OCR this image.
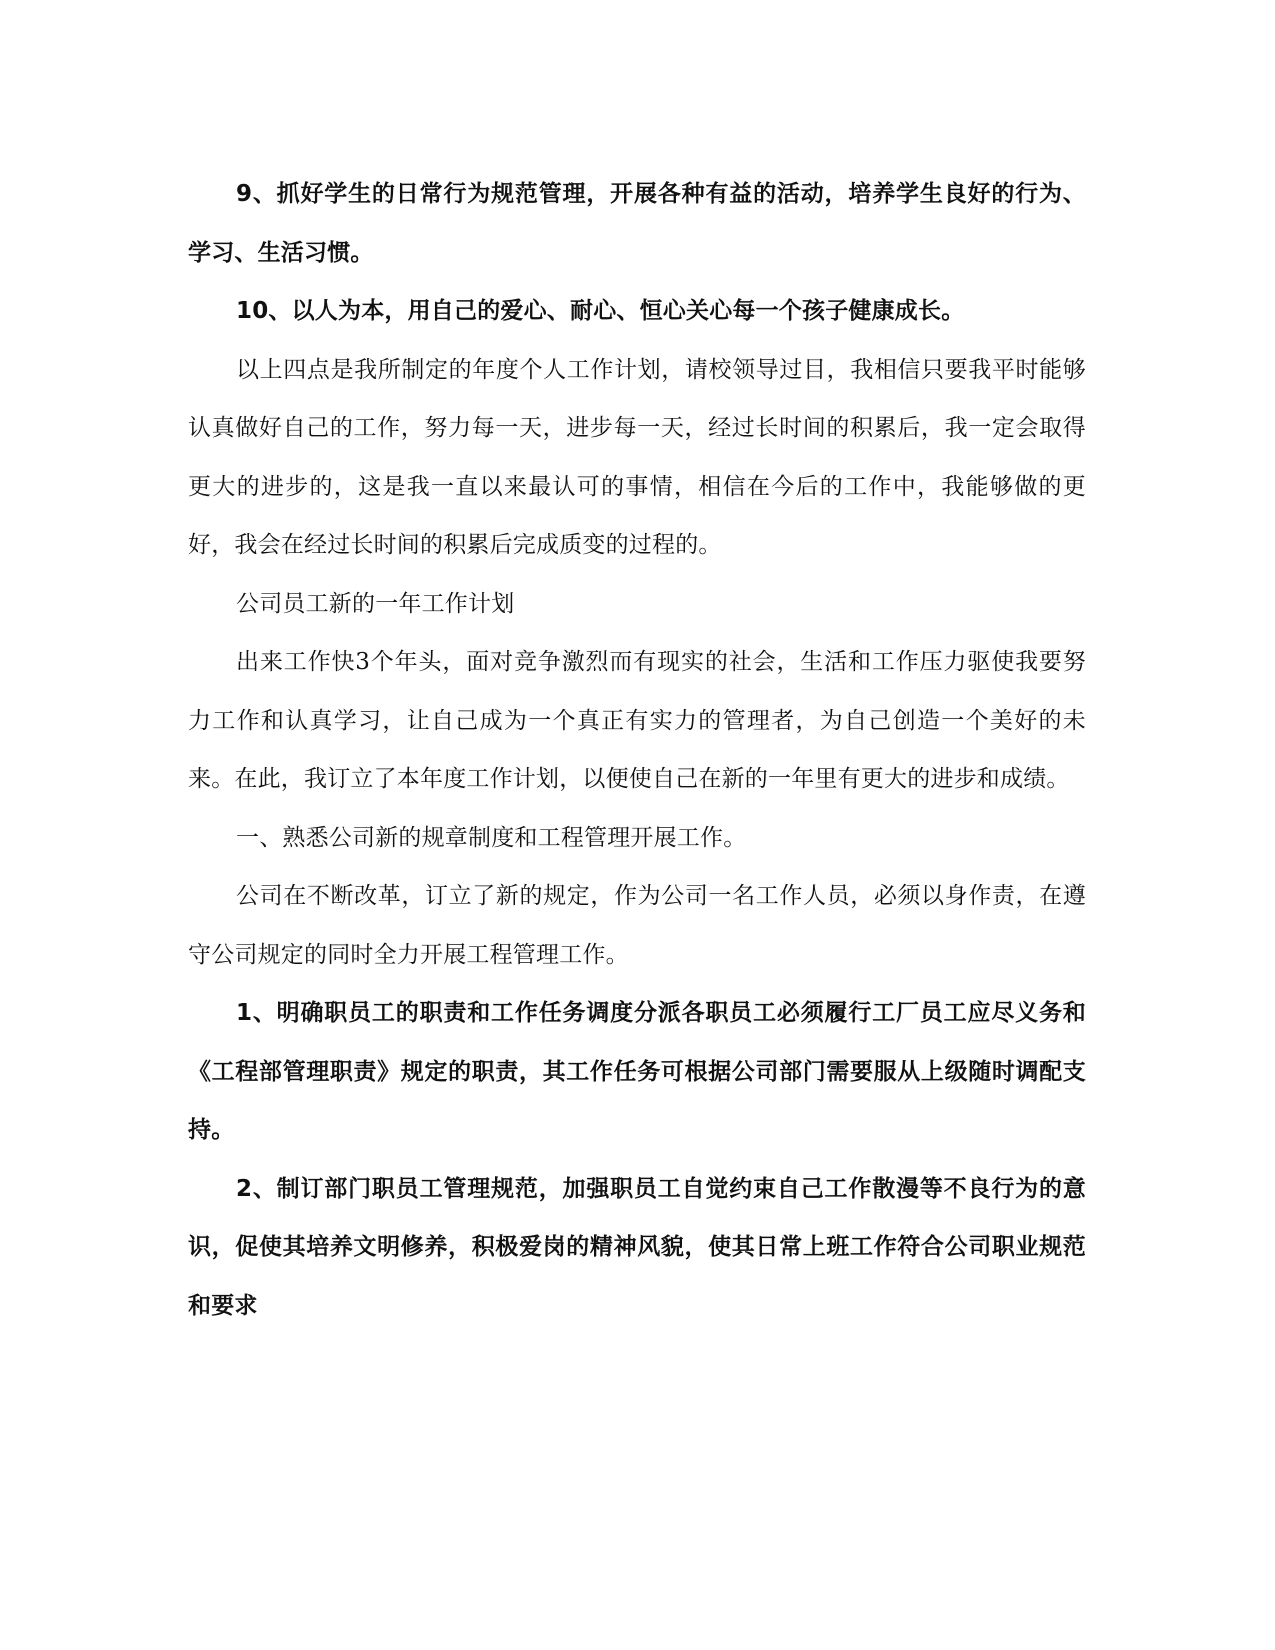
9、抓好学生的日常行为规范管理，开展各种有益的活动，培养学生良好的行为、学习、生活习惯。

10、以人为本，用自己的爱心、耐心、恒心关心每一个孩子健康成长。

以上四点是我所制定的年度个人工作计划，请校领导过目，我相信只要我平时能够认真做好自己的工作，努力每一天，进步每一天，经过长时间的积累后，我一定会取得更大的进步的，这是我一直以来最认可的事情，相信在今后的工作中，我能够做的更好，我会在经过长时间的积累后完成质变的过程的。

公司员工新的一年工作计划

出来工作快3个年头，面对竞争激烈而有现实的社会，生活和工作压力驱使我要努力工作和认真学习，让自己成为一个真正有实力的管理者，为自己创造一个美好的未来。在此，我订立了本年度工作计划，以便使自己在新的一年里有更大的进步和成绩。

一、熟悉公司新的规章制度和工程管理开展工作。

公司在不断改革，订立了新的规定，作为公司一名工作人员，必须以身作责，在遵守公司规定的同时全力开展工程管理工作。

1、明确职员工的职责和工作任务调度分派各职员工必须履行工厂员工应尽义务和《工程部管理职责》规定的职责，其工作任务可根据公司部门需要服从上级随时调配支持。

2、制订部门职员工管理规范，加强职员工自觉约束自己工作散漫等不良行为的意识，促使其培养文明修养，积极爱岗的精神风貌，使其日常上班工作符合公司职业规范和要求
